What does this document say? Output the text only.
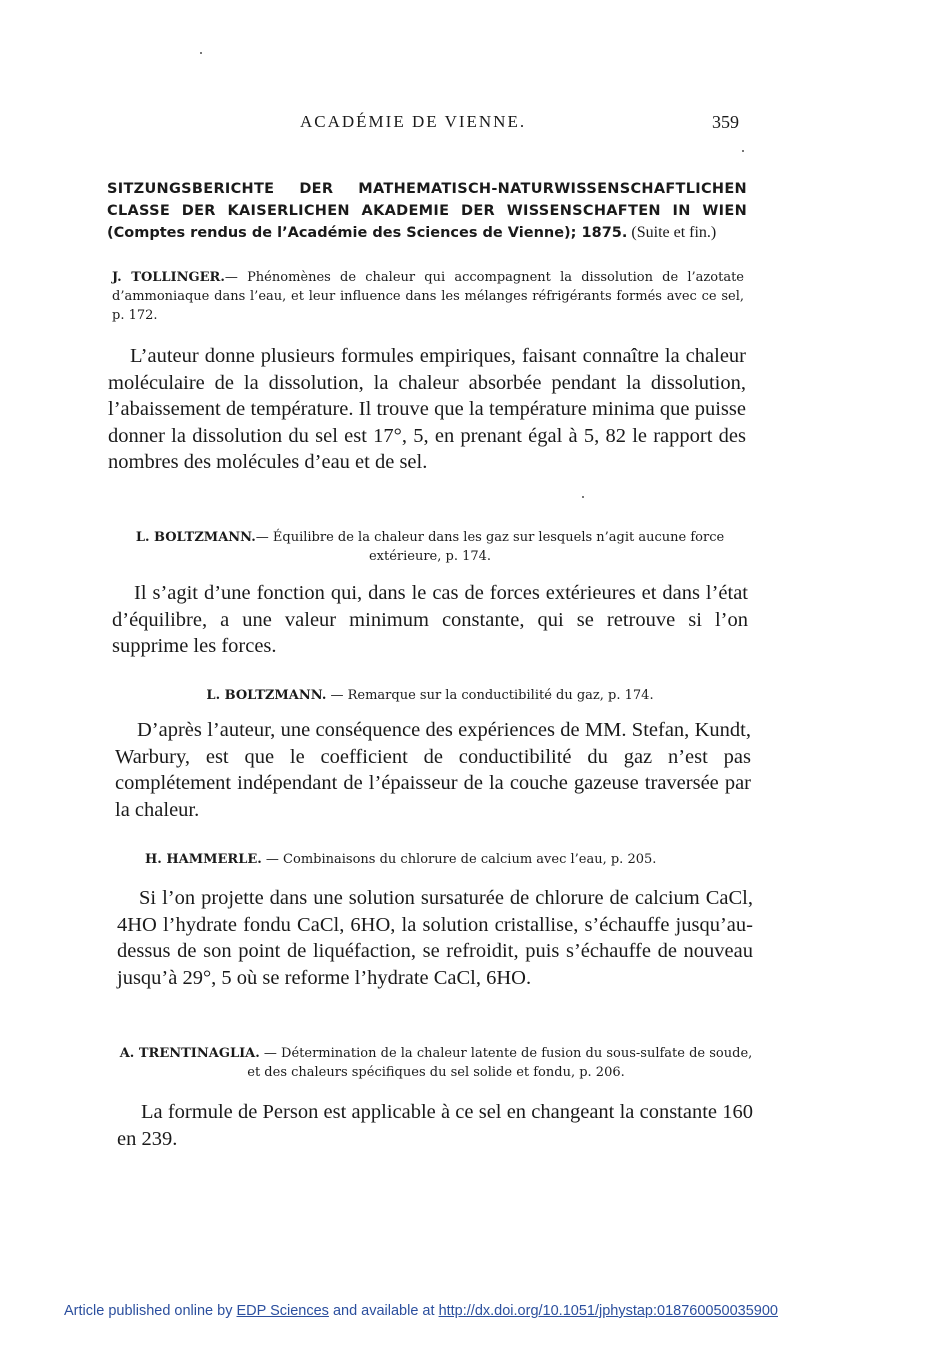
ACADÉMIE DE VIENNE.	359
SITZUNGSBERICHTE DER MATHEMATISCH-NATURWISSENSCHAFTLICHEN CLASSE DER KAISERLICHEN AKADEMIE DER WISSENSCHAFTEN IN WIEN (Comptes rendus de l’Académie des Sciences de Vienne); 1875. (Suite et fin.)
J. TOLLINGER.— Phénomènes de chaleur qui accompagnent la dissolution de l’azotate d’ammoniaque dans l’eau, et leur influence dans les mélanges réfrigérants formés avec ce sel, p. 172.

L’auteur donne plusieurs formules empiriques, faisant connaître la chaleur moléculaire de la dissolution, la chaleur absorbée pendant la dissolution, l’abaissement de température. Il trouve que la température minima que puisse donner la dissolution du sel est 17°, 5, en prenant égal à 5, 82 le rapport des nombres des molécules d’eau et de sel.

L. BOLTZMANN.— Équilibre de la chaleur dans les gaz sur lesquels n’agit aucune force extérieure, p. 174.

Il s’agit d’une fonction qui, dans le cas de forces extérieures et dans l’état d’équilibre, a une valeur minimum constante, qui se retrouve si l’on supprime les forces.

L. BOLTZMANN. — Remarque sur la conductibilité du gaz, p. 174.

D’après l’auteur, une conséquence des expériences de MM. Stefan, Kundt, Warbury, est que le coefficient de conductibilité du gaz n’est pas complétement indépendant de l’épaisseur de la couche gazeuse traversée par la chaleur.

H. HAMMERLE. — Combinaisons du chlorure de calcium avec l’eau, p. 205.

Si l’on projette dans une solution sursaturée de chlorure de calcium CaCl, 4HO l’hydrate fondu CaCl, 6HO, la solution cristallise, s’échauffe jusqu’au-dessus de son point de liquéfaction, se refroidit, puis s’échauffe de nouveau jusqu’à 29°, 5 où se reforme l’hydrate CaCl, 6HO.

A. TRENTINAGLIA. — Détermination de la chaleur latente de fusion du sous-sulfate de soude, et des chaleurs spécifiques du sel solide et fondu, p. 206.

La formule de Person est applicable à ce sel en changeant la constante 160 en 239.

Article published online by EDP Sciences and available at http://dx.doi.org/10.1051/jphystap:018760050035900
